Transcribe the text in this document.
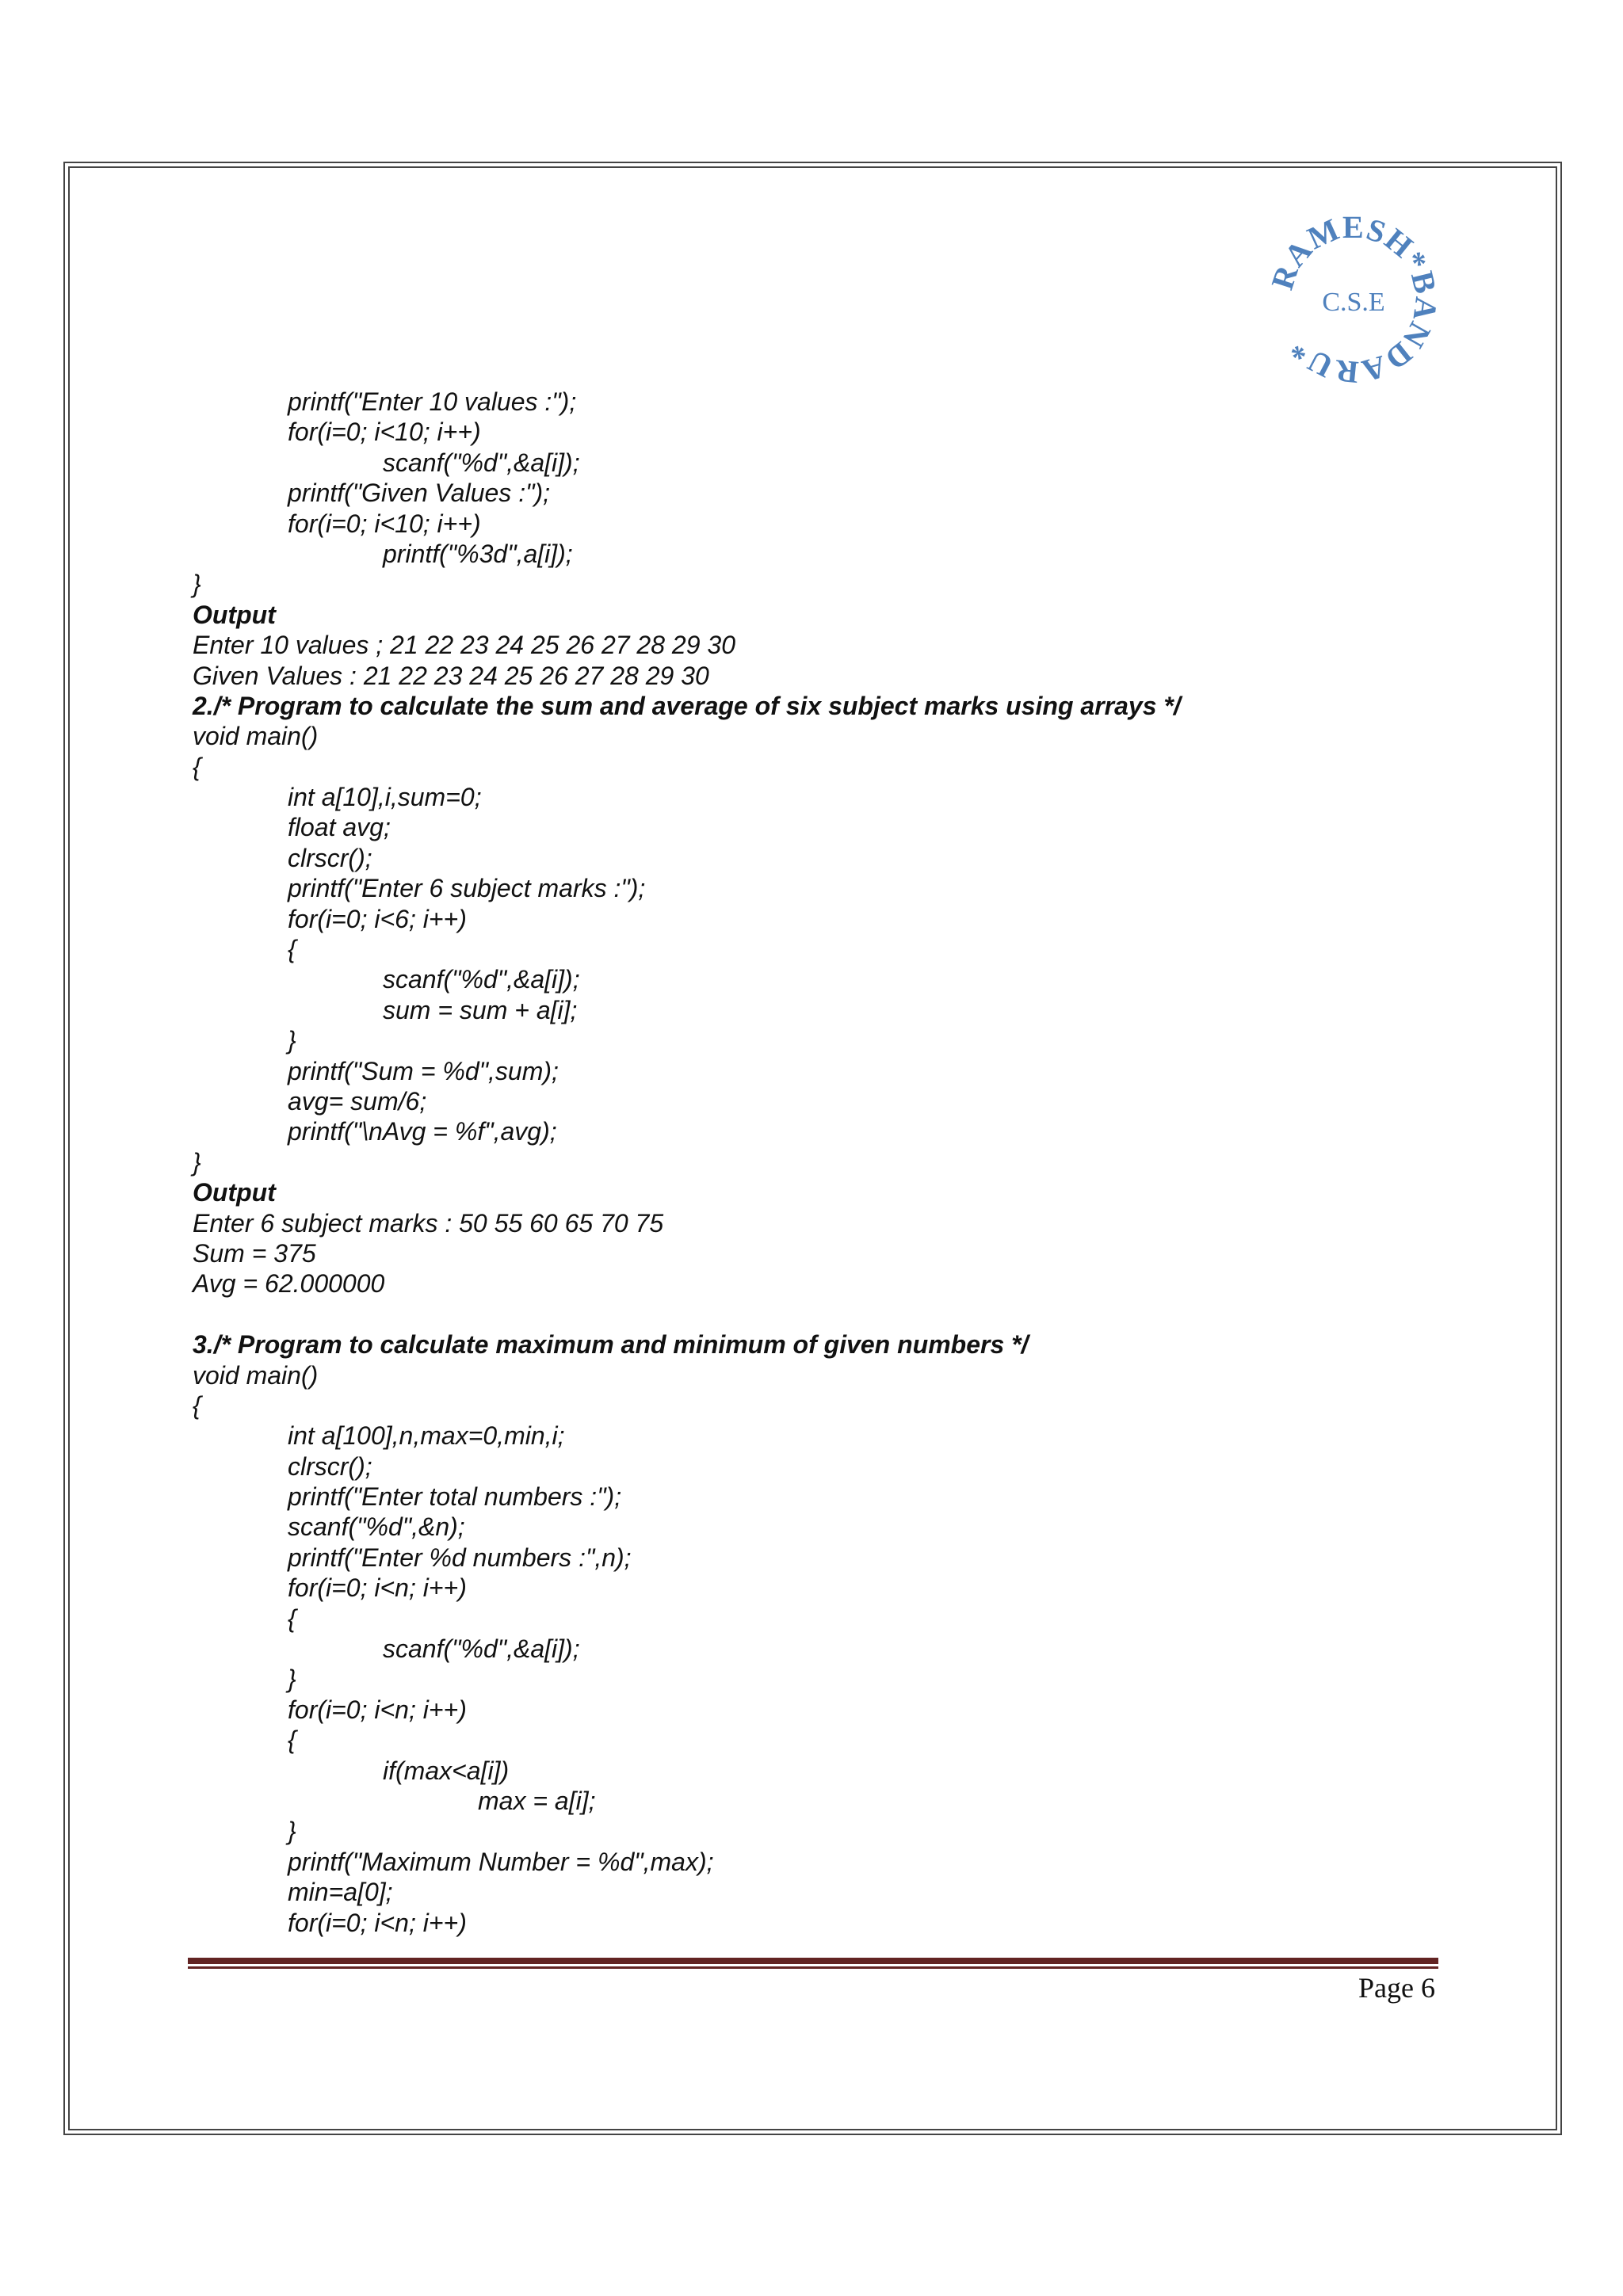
RAMESH*BANDARU*
C.S.E
printf("Enter 10 values :");
for(i=0; i<10; i++)
scanf("%d",&a[i]);
printf("Given Values :");
for(i=0; i<10; i++)
printf("%3d",a[i]);
}
Output
Enter 10 values ; 21 22 23 24 25 26 27 28 29 30
Given Values : 21 22 23 24 25 26 27 28 29 30
2./* Program to calculate the sum and average of six subject marks using arrays */
void main()
{
int a[10],i,sum=0;
float avg;
clrscr();
printf("Enter 6 subject marks :");
for(i=0; i<6; i++)
{
scanf("%d",&a[i]);
sum = sum + a[i];
}
printf("Sum = %d",sum);
avg= sum/6;
printf("\nAvg = %f",avg);
}
Output
Enter 6 subject marks : 50 55 60 65 70 75
Sum = 375
Avg = 62.000000
3./* Program to calculate maximum and minimum of given numbers */
void main()
{
int a[100],n,max=0,min,i;
clrscr();
printf("Enter total numbers :");
scanf("%d",&n);
printf("Enter %d numbers :",n);
for(i=0; i<n; i++)
{
scanf("%d",&a[i]);
}
for(i=0; i<n; i++)
{
if(max<a[i])
max = a[i];
}
printf("Maximum Number = %d",max);
min=a[0];
for(i=0; i<n; i++)
Page 6
